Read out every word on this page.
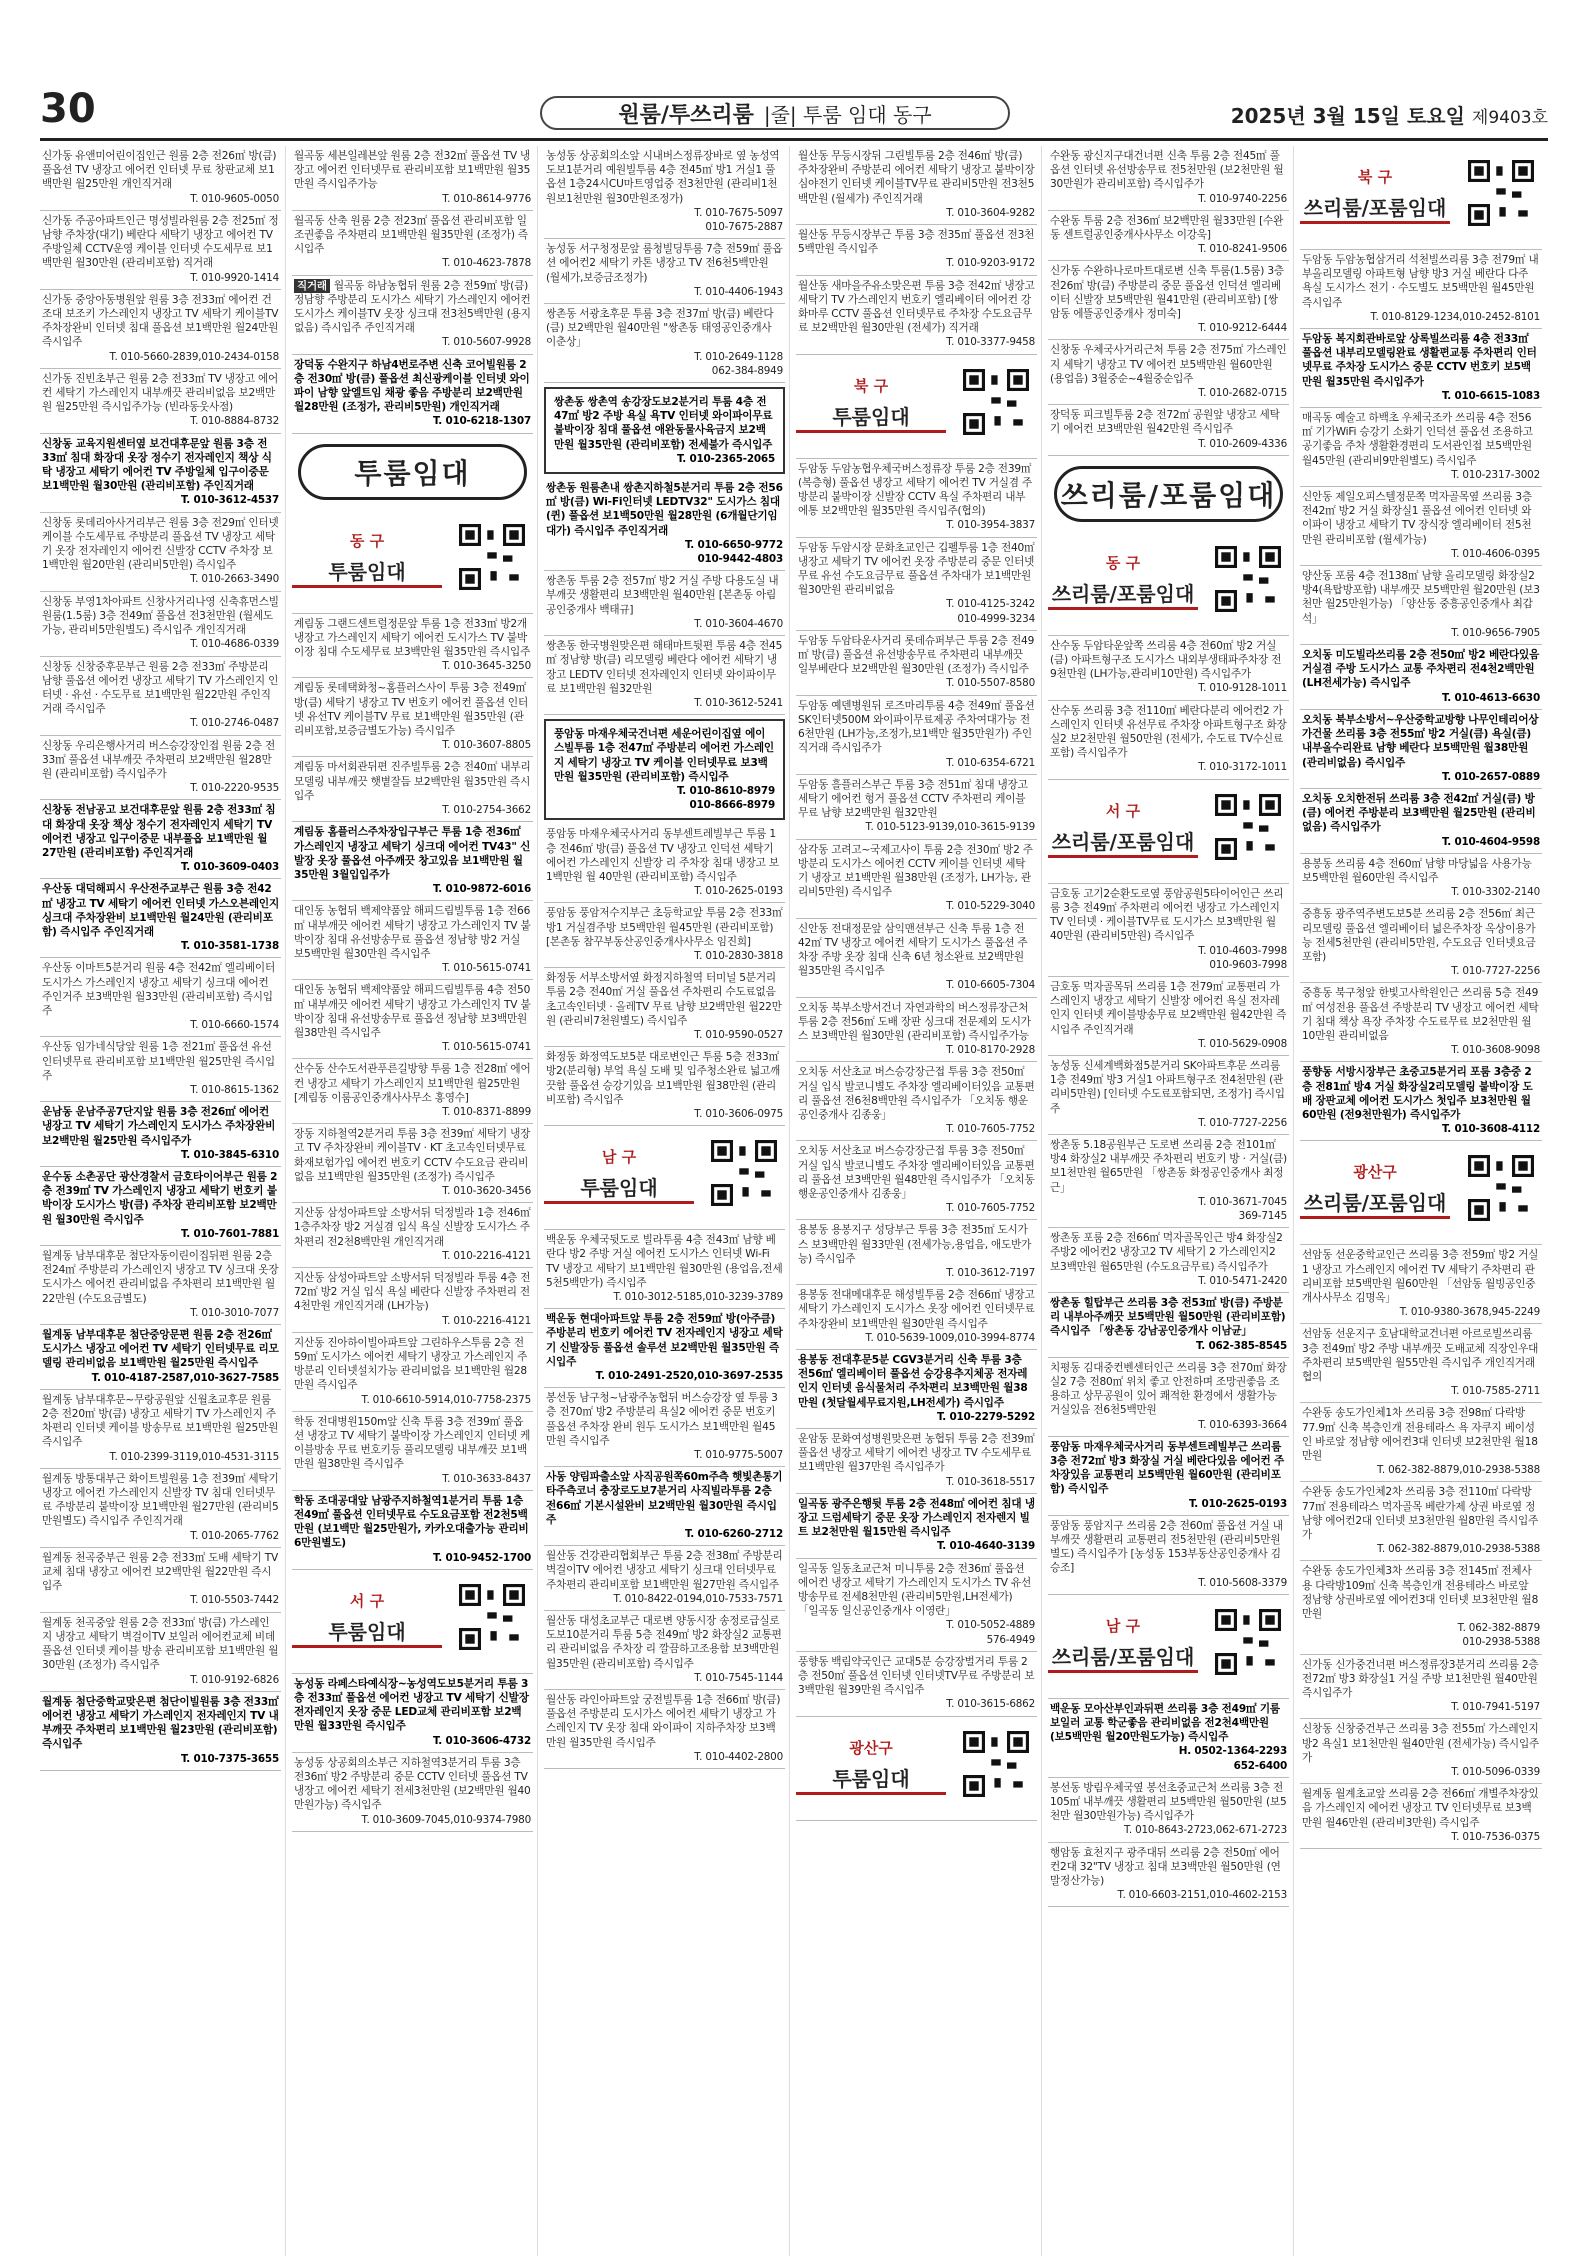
30	원룸/투쓰리룸 |줄| 투룸 임대 동구	2025년 3월 15일 토요일 제9403호
신가동 유앤미어린이집인근 원룸 2층 전26㎡ 방(큼) 풀옵션 TV 냉장고 에어컨 인터넷 무료 창판교체 보1백만원 월25만원 개인직거래
T. 010-9605-0050
신가동 주공아파트인근 명성빌라원룸 2층 전25㎡ 정남향 주차장(대기) 베란다 세탁기 냉장고 에어컨 TV 주방일체 CCTV운영 케이블 인터넷 수도세무료 보1백만원 월30만원 (관리비포함) 직거래
T. 010-9920-1414
신가동 중앙아동병원앞 원룸 3층 전33㎡ 에어컨 건조대 보조키 가스레인지 냉장고 TV 세탁기 케이블TV 주차장완비 인터넷 침대 풀옵션 보1백만원 월24만원 즉시입주
T. 010-5660-2839,010-2434-0158
신가동 진빈초부근 원룸 2층 전33㎡ TV 냉장고 에어컨 세탁기 가스레인지 내부깨끗 관리비없음 보2백만원 월25만원 즉시입주가능 (빈라동웃사점)
T. 010-8884-8732
신창동 교육지원센터옆 보건대후문앞 원룸 3층 전33㎡ 침대 화장대 옷장 정수기 전자레인지 책상 식탁 냉장고 세탁기 에어컨 TV 주방일체 입구이중문 보1백만원 월30만원 (관리비포함) 주인직거래
T. 010-3612-4537
신창동 롯데리아사거리부근 원룸 3층 전29㎡ 인터넷 케이블 수도세무료 주방분리 풀옵션 TV 냉장고 세탁기 옷장 전자레인지 에어컨 신발장 CCTV 주차장 보1백만원 월20만원 (관리비5만원) 즉시입주
T. 010-2663-3490
신창동 부영1차아파트 신창사거리나영 신축휴먼스빌원룸(1.5룸) 3층 전49㎡ 풀옵션 전3천만원 (월세도가능, 관리비5만원별도) 즉시입주 개인직거래
T. 010-4686-0339
신창동 신창중후문부근 원룸 2층 전33㎡ 주방분리 남향 풀옵션 에어컨 냉장고 세탁기 TV 가스레인지 인터넷 · 유선 · 수도무료 보1백만원 월22만원 주인직거래 즉시입주
T. 010-2746-0487
신창동 우리은행사거리 버스승강장인접 원룸 2층 전33㎡ 풀옵션 내부깨끗 주차편리 보2백만원 월28만원 (관리비포함) 즉시입주가
T. 010-2220-9535
신창동 전남공고 보건대후문앞 원룸 2층 전33㎡ 침대 화장대 옷장 책상 정수기 전자레인지 세탁기 TV 에어컨 냉장고 입구이중문 내부풀옵 보1백만원 월27만원 (관리비포함) 주인직거래
T. 010-3609-0403
우산동 대덕해피시 우산전주교부근 원룸 3층 전42㎡ 냉장고 TV 세탁기 에어컨 인터넷 가스오븐레인지 싱크대 주차장완비 보1백만원 월24만원 (관리비포함) 즉시입주 주인직거래
T. 010-3581-1738
우산동 이마트5분거리 원룸 4층 전42㎡ 엘리베이터 도시가스 가스레인지 냉장고 세탁기 싱크대 에어컨 주인거주 보3백만원 월33만원 (관리비포함) 즉시입주
T. 010-6660-1574
우산동 임가네식당앞 원룸 1층 전21㎡ 풀옵션 유선 인터넷무료 관리비포함 보1백만원 월25만원 즉시입주
T. 010-8615-1362
운남동 운남주공7단지앞 원룸 3층 전26㎡ 에어컨 냉장고 TV 세탁기 가스레인지 도시가스 주차장완비 보2백만원 월25만원 즉시입주가
T. 010-3845-6310
운수동 소촌공단 광산경찰서 금호타이어부근 원룸 2층 전39㎡ TV 가스레인지 냉장고 세탁기 번호키 붙박이장 도시가스 방(큼) 주차장 관리비포함 보2백만원 월30만원 즉시입주
T. 010-7601-7881
월계동 남부대후문 첨단자동이린이집뒤편 원룸 2층 전24㎡ 주방분리 가스레인지 냉장고 TV 싱크대 옷장 도시가스 에어컨 관리비없음 주차편리 보1백만원 월22만원 (수도요금별도)
T. 010-3010-7077
월계동 남부대후문 첨단중앙문편 원룸 2층 전26㎡ 도시가스 냉장고 에어컨 TV 세탁기 인터넷무료 리모델링 관리비없음 보1백만원 월25만원 즉시입주
T. 010-4187-2587,010-3627-7585
월계동 남부대후문~무랑공원앞 신월초교후문 원룸 2층 전20㎡ 방(큼) 냉장고 세탁기 TV 가스레인지 주차편리 인터넷 케이블 방송무료 보1백만원 월25만원 즉시입주
T. 010-2399-3119,010-4531-3115
월계동 방통대부근 화이트빌원룸 1층 전39㎡ 세탁기 냉장고 에어컨 가스레인지 신발장 TV 침대 인터넷무료 주방분리 붙박이장 보1백만원 월27만원 (관리비5만원별도) 즉시입주 주인직거래
T. 010-2065-7762
월계동 천곡중부근 원룸 2층 전33㎡ 도배 세탁기 TV교체 침대 냉장고 에어컨 보2백만원 월22만원 즉시입주
T. 010-5503-7442
월계동 천곡중앞 원룸 2층 전33㎡ 방(큼) 가스레인지 냉장고 세탁기 벽걸이TV 보일러 에어컨교체 비데 풀옵션 인터넷 케이블 방송 관리비포함 보1백만원 월30만원 (조정가) 즉시입주
T. 010-9192-6826
월계동 첨단중학교맞은편 첨단이빌원룸 3층 전33㎡ 에어컨 냉장고 세탁기 가스레인지 전자레인지 TV 내부깨끗 주차편리 보1백만원 월23만원 (관리비포함) 즉시입주
T. 010-7375-3655
월곡동 세븐일레븐앞 원룸 2층 전32㎡ 풀옵션 TV 냉장고 에어컨 인터넷무료 관리비포함 보1백만원 월35만원 즉시입주가능
T. 010-8614-9776
월곡동 산축 원룸 2층 전23㎡ 풀옵션 관리비포함 일조권좋음 주차편리 보1백만원 월35만원 (조정가) 즉시입주
T. 010-4623-7878
직거래 월곡동 하남농협뒤 원룸 2층 전59㎡ 방(큼) 정남향 주방분리 도시가스 세탁기 가스레인지 에어컨 도시가스 케이블TV 옷장 싱크대 전3천5백만원 (용지없음) 즉시입주 주인직거래
T. 010-5607-9928
장덕동 수완지구 하남4번로주변 신축 코어빌원룸 2층 전30㎡ 방(큼) 풀옵션 최신광케이블 인터넷 와이파이 남향 앞엘트임 채광 좋음 주방분리 보2백만원 월28만원 (조정가, 관리비5만원) 개인직거래
T. 010-6218-1307
투룸임대
동 구
투룸임대
계림동 그랜드센트럴정문앞 투룸 1층 전33㎡ 방2개 냉장고 가스레인지 세탁기 에어컨 도시가스 TV 붙박이장 침대 수도세무료 보3백만원 월35만원 즉시입주
T. 010-3645-3250
계림동 롯데택화청~홈플러스사이 투룸 3층 전49㎡ 방(큼) 세탁기 냉장고 TV 번호키 에어컨 풀옵션 인터넷 유선TV 케이블TV 무료 보1백만원 월35만원 (관리비포함,보증금별도가능) 즉시입주
T. 010-3607-8805
계림동 마서회관뒤편 진주빌투룸 2층 전40㎡ 내부리모델링 내부깨끗 햇볕잘듬 보2백만원 월35만원 즉시입주
T. 010-2754-3662
계림동 홈플러스주차장입구부근 투룸 1층 전36㎡ 가스레인지 냉장고 세탁기 싱크대 에어컨 TV43" 신발장 옷장 풀옵션 아주깨끗 창고있음 보1백만원 월35만원 3월입입주가
T. 010-9872-6016
대인동 농협뒤 백제약품앞 해피드림빌투룸 1층 전66㎡ 내부깨끗 에어컨 세탁기 냉장고 가스레인지 TV 붙박이장 침대 유선방송무료 풀옵션 정남향 방2 거실 보5백만원 월30만원 즉시입주
T. 010-5615-0741
대인동 농협뒤 백제약품앞 해피드림빌투룸 4층 전50㎡ 내부깨끗 에어컨 세탁기 냉장고 가스레인지 TV 붙박이장 침대 유선방송무료 풀옵션 정남향 보3백만원 월38만원 즉시입주
T. 010-5615-0741
산수동 산수도서관푸른길방향 투룸 1층 전28㎡ 에어컨 냉장고 세탁기 가스레인지 보1백만원 월25만원 [계림동 이룸공인중개사사무소 홍영수]
T. 010-8371-8899
장동 지하철역2분거리 투룸 3층 전39㎡ 세탁기 냉장고 TV 주차장완비 케이블TV · KT 초고속인터넷무료 화재보험가입 에어컨 번호키 CCTV 수도요금 관리비없음 보1백만원 월35만원 (조정가) 즉시입주
T. 010-3620-3456
지산동 삼성아파트앞 소방서뒤 덕정빌라 1층 전46㎡ 1층주차장 방2 거실겸 입식 욕실 신발장 도시가스 주차편리 전2천8백만원 개인직거래
T. 010-2216-4121
지산동 삼성아파트앞 소방서뒤 덕정빌라 투룸 4층 전72㎡ 방2 거실 입식 욕실 베란다 신발장 주차편리 전4천만원 개인직거래 (LH가능)
T. 010-2216-4121
지산동 진아하이빌아파트앞 그린하우스투룸 2층 전59㎡ 도시가스 에어컨 세탁기 냉장고 가스레인지 주방분리 인터넷설치가능 관리비없음 보1백만원 월28만원 즉시입주
T. 010-6610-5914,010-7758-2375
학동 전대병원150m앞 신축 투룸 3층 전39㎡ 풀옵션 냉장고 TV 세탁기 붙박이장 가스레인지 인터넷 케이블방송 무료 번호키등 풀리모델링 내부깨끗 보1백만원 월38만원 즉시입주
T. 010-3633-8437
학동 조대공대앞 남광주지하철역1분거리 투룸 1층 전49㎡ 풀옵션 인터넷무료 수도요금포함 전2천5백만원 (보1백만 월25만원가, 카카오대출가능 관리비6만원별도)
T. 010-9452-1700
서 구
투룸임대
농성동 라페스타예식장~농성역도보5분거리 투룸 3층 전33㎡ 풀옵션 에어컨 냉장고 TV 세탁기 신발장 전자레인지 옷장 중문 LED교체 관리비포함 보2백만원 월33만원 즉시입주
T. 010-3606-4732
농성동 상공회의소부근 지하철역3분거리 투룸 3층 전36㎡ 방2 주방분리 중문 CCTV 인터넷 풀옵션 TV 냉장고 에어컨 세탁기 전세3천만원 (보2백만원 월40만원가능) 즉시입주
T. 010-3609-7045,010-9374-7980
농성동 상공회의소앞 시내버스정류장바로 옆 농성역도보1분거리 예원빌투룸 4층 전45㎡ 방1 거실1 풀옵션 1층24시CU마트영업중 전3천만원 (관리비1천원보1천만원 월30만원조정가)
T. 010-7675-5097
010-7675-2887
농성동 서구청정문앞 룸청빌딩투룸 7층 전59㎡ 풀옵션 에어컨2 세탁기 카톤 냉장고 TV 전6천5백만원 (월세가,보증금조정가)
T. 010-4406-1943
쌍촌동 서광초후문 투룸 3층 전37㎡ 방(큼) 베란다(큼) 보2백만원 월40만원 "쌍촌동 태영공인중개사 이춘상」
T. 010-2649-1128
062-384-8949
쌍촌동 쌍촌역 송강장도보2분거리 투룸 4층 전47㎡ 방2 주방 욕실 욕TV 인터넷 와이파이무료 붙박이장 침대 풀옵션 애완동물사육금지 보2백만원 월35만원 (관리비포함) 전세불가 즉시입주
T. 010-2365-2065
쌍촌동 원룸촌내 쌍촌지하철5분거리 투룸 2층 전56㎡ 방(큼) Wi-Fi인터넷 LEDTV32" 도시가스 침대(퀸) 풀옵션 보1백50만원 월28만원 (6개월단기임대가) 즉시입주 주인직거래
T. 010-6650-9772
010-9442-4803
쌍촌동 투룸 2층 전57㎡ 방2 거실 주방 다용도실 내부깨끗 생활편리 보3백만원 월40만원 [본촌동 아림공인중개사 백태규]
T. 010-3604-4670
쌍촌동 한국병원맞은편 해태마트뒷편 투룸 4층 전45㎡ 정남향 방(큼) 리모델링 베란다 에어컨 세탁기 냉장고 LEDTV 인터넷 전자레인지 인터넷 와이파이무료 보1백만원 월32만원
T. 010-3612-5241
풍암동 마재우체국건너편 세운어린이집옆 에이스빌투룸 1층 전47㎡ 주방분리 에어컨 가스레인지 세탁기 냉장고 TV 케이블 인터넷무료 보3백만원 월35만원 (관리비포함) 즉시입주
T. 010-8610-8979
010-8666-8979
풍암동 마재우체국사거리 동부센트레빌부근 투룸 1층 전46㎡ 방(큼) 풀옵션 TV 냉장고 인덕션 세탁기 에어컨 가스레인지 신발장 리 주차장 침대 냉장고 보1백만원 월 40만원 (관리비포함) 즉시입주
T. 010-2625-0193
풍암동 풍암저수지부근 초등학교앞 투룸 2층 전33㎡ 방1 거실겸주방 보5백만원 월45만원 (관리비포함) [본촌동 참꾸부동산공인중개사사무소 임진희]
T. 010-2830-3818
화정동 서부소방서옆 화정지하철역 터미널 5분거리 투룸 2층 전40㎡ 거실 풀옵션 주차편리 수도료없음 초고속인터넷 · 올레TV 무료 남향 보2백만원 월22만원 (관리비7천원별도) 즉시입주
T. 010-9590-0527
화정동 화정역도보5분 대로변인근 투룸 5층 전33㎡ 방2(분리형) 부엌 욕실 도배 및 입주청소완료 넓고깨끗함 풀옵션 승강기있음 보1백만원 월38만원 (관리비포함) 즉시입주
T. 010-3606-0975
남 구
투룸임대
백운동 우체국뒷도로 빌라투룸 4층 전43㎡ 남향 베란다 방2 주방 거실 에어컨 도시가스 인터넷 Wi-Fi TV 냉장고 세탁기 보1백만원 월30만원 (용업음,전세5천5백만가) 즉시입주
T. 010-3012-5185,010-3239-3789
백운동 현대아파트앞 투룸 2층 전59㎡ 방(아주큼) 주방분리 번호키 에어컨 TV 전자레인지 냉장고 세탁기 신발장등 풀옵션 솔루션 보2백만원 월35만원 즉시입주
T. 010-2491-2520,010-3697-2535
봉선동 남구청~남광주농협뒤 버스승강장 옆 투룸 3층 전70㎡ 방2 주방분리 욕실2 에어컨 중문 번호키 풀옵션 주차장 완비 원두 도시가스 보1백만원 월45만원 즉시입주
T. 010-9775-5007
사동 양림파출소앞 사직공원쪽60m주측 햇빛촌통기타주측코너 충장로도보7분거리 사직빌라투룸 2층 전66㎡ 기본시설완비 보2백만원 월30만원 즉시입주
T. 010-6260-2712
월산동 건강관리협회부근 투룸 2층 전38㎡ 주방분리 벽걸이TV 에어컨 냉장고 세탁기 싱크대 인터넷무료 주차편리 관리비포함 보1백만원 월27만원 즉시입주
T. 010-8422-0194,010-7533-7571
월산동 대성초교부근 대로변 양동시장 송정로급실로도보10분거리 투룸 5층 전49㎡ 방2 화장실2 교통편리 관리비없음 주차장 리 깔끔하고조용함 보3백만원 월35만원 (관리비포함) 즉시입주
T. 010-7545-1144
월산동 라인아파트앞 궁전빌투룸 1층 전66㎡ 방(큼) 풀옵션 주방분리 도시가스 에어컨 세탁기 냉장고 가스레인지 TV 옷장 침대 와이파이 지하주차장 보3백만원 월35만원 즉시입주
T. 010-4402-2800
월산동 무등시장뒤 그린빌투룸 2층 전46㎡ 방(큼) 주차장완비 주방분리 에어컨 세탁기 냉장고 붙박이장 심야전기 인터넷 케이블TV무료 관리비5만원 전3천5백만원 (월세가) 주인직거래
T. 010-3604-9282
월산동 무등시장부근 투룸 3층 전35㎡ 풀옵션 전3천5백만원 즉시입주
T. 010-9203-9172
월산동 새마을주유소맞은편 투룸 3층 전42㎡ 냉장고 세탁기 TV 가스레인지 번호키 엘리베이터 에어컨 강화마루 CCTV 풀옵션 인터넷무료 주차장 수도요금무료 보2백만원 월30만원 (전세가) 직거래
T. 010-3377-9458
북 구
투룸임대
두암동 두암농협우체국버스정류장 투룸 2층 전39㎡ (복층형) 풀옵션 냉장고 세탁기 에어컨 TV 거실겸 주방분리 붙박이장 신발장 CCTV 욕실 주차편리 내부에통 보2백만원 월35만원 즉시입주(협의)
T. 010-3954-3837
두암동 두암시장 문화초교인근 깁펠투룸 1층 전40㎡ 냉장고 세탁기 TV 에어컨 옷장 주방분리 중문 인터넷무료 유선 수도요금무료 풀옵션 주차대가 보1백만원 월30만원 관리비없음
T. 010-4125-3242
010-4999-3234
두암동 두암타운사거리 롯데슈퍼부근 투룸 2층 전49㎡ 방(큼) 풀옵션 유선방송무료 주차편리 내부깨끗 일부베란다 보2백만원 월30만원 (조정가) 즉시입주
T. 010-5507-8580
두암동 예덴병원뒤 로즈마리투룸 4층 전49㎡ 풀옵션 SK인터넷500M 와이파이무료제공 주차여대가능 전6천만원 (LH가능,조정가,보1백만 월35만원가) 주인직거래 즉시입주가
T. 010-6354-6721
두암동 흘플러스부근 투룸 3층 전51㎡ 침대 냉장고 세탁기 에어컨 헝거 풀옵션 CCTV 주차편리 케이블무료 남향 보2백만원 월32만원
T. 010-5123-9139,010-3615-9139
삼각동 고려고~국제고사이 투룸 2층 전30㎡ 방2 주방분리 도시가스 에어컨 CCTV 케이블 인터넷 세탁기 냉장고 보1백만원 월38만원 (조정가, LH가능, 관리비5만원) 즉시입주
T. 010-5229-3040
신안동 전대정문앞 삼익맨션부근 신축 투룸 1층 전42㎡ TV 냉장고 에어컨 세탁기 도시가스 풀옵션 주차장 주방 옷장 침대 신축 6년 청소완료 보2백만원 월35만원 즉시입주
T. 010-6605-7304
오치동 북부소방서건너 자연과학의 버스정류장근처 투룸 2층 전56㎡ 도배 장판 싱크대 전문제외 도시가스 보3백만원 월30만원 (관리비포함) 즉시입주가능
T. 010-8170-2928
오치동 서산초교 버스승강장근접 투룸 3층 전50㎡ 거실 입식 발코니별도 주차장 엘리베이터있음 교통편리 풀옵션 전6천8백만원 즉시입주가 「오치동 행운공인중개사 김종웅」
T. 010-7605-7752
오치동 서산초교 버스승강장근접 투룸 3층 전50㎡ 거실 입식 발코니별도 주차장 엘리베이터있음 교통편리 풀옵션 보3백만원 월48만원 즉시입주가 「오치동 행운공인중개사 김종웅」
T. 010-7605-7752
용봉동 용봉지구 성당부근 투룸 3층 전35㎡ 도시가스 보3백만원 월33만원 (전세가능,용업음, 애도반가능) 즉시입주
T. 010-3612-7197
용봉동 전대메대후문 해성빌투룸 2층 전66㎡ 냉장고 세탁기 가스레인지 도시가스 옷장 에어컨 인터넷무료 주차장완비 보1백만원 월30만원 즉시입주
T. 010-5639-1009,010-3994-8774
용봉동 전대후문5분 CGV3분거리 신축 투룸 3층 전56㎡ 엘리베이터 풀옵션 승강용추지체공 전자레인지 인터넷 음식물처리 주차편리 보3백만원 월38만원 (첫달월세무료지원,LH전세가) 즉시입주
T. 010-2279-5292
운암동 문화여성병원맞은편 농협뒤 투룸 2층 전39㎡ 풀옵션 냉장고 세탁기 에어컨 냉장고 TV 수도세무료 보1백만원 월37만원 즉시입주가
T. 010-3618-5517
일곡동 광주은행뒷 투룸 2층 전48㎡ 에어컨 침대 냉장고 드럼세탁기 중문 옷장 가스레인지 전자렌지 빌트 보2천만원 월15만원 즉시입주
T. 010-4640-3139
일곡동 일동초교근처 미니투룸 2층 전36㎡ 풀옵션 에어컨 냉장고 세탁기 가스레인지 도시가스 TV 유선방송무료 전세8천만원 (관리비5만원,LH전세가) 「일곡동 일신공인중개사 이영란」
T. 010-5052-4889
576-4949
풍향동 백림약국인근 교대5분 승강장벌거리 투룸 2층 전50㎡ 풀옵션 인터넷 인터넷TV무료 주방분리 보3백만원 월39만원 즉시입주
T. 010-3615-6862
광산구
투룸임대
수완동 광신지구대건너편 신축 투룸 2층 전45㎡ 풀옵션 인터넷 유선방송무료 전5천만원 (보2천만원 월30만원가 관리비포함) 즉시입주가
T. 010-9740-2256
수완동 투룸 2층 전36㎡ 보2백만원 월33만원 [수완동 센트럴공인중개사사무소 이강욱]
T. 010-8241-9506
신가동 수완하나로마트대로변 신축 투룸(1.5룸) 3층 전26㎡ 방(큼) 주방분리 중문 풀옵션 인덕션 엘리베이터 신발장 보5백만원 월41만원 (관리비포함) [쌍암동 에뜰공인중개사 정미숙]
T. 010-9212-6444
신창동 우체국사거리근처 투룸 2층 전75㎡ 가스레인지 세탁기 냉장고 TV 에어컨 보5백만원 월60만원 (용업음) 3월중순~4월중순입주
T. 010-2682-0715
장덕동 피크빌투룸 2층 전72㎡ 공원앞 냉장고 세탁기 에어컨 보3백만원 월42만원 즉시입주
T. 010-2609-4336
쓰리룸/포룸임대
동 구
쓰리룸/포룸임대
산수동 두암타운앞쪽 쓰리룸 4층 전60㎡ 방2 거실(큼) 아파트형구조 도시가스 내외부생태파주차장 전9천만원 (LH가능,관리비10만원) 즉시입주가
T. 010-9128-1011
산수동 쓰리룸 3층 전110㎡ 베란다분리 에어컨2 가스레인지 인터넷 유선무료 주차장 아파트형구조 화장실2 보2천만원 월50만원 (전세가, 수도료 TV수신료포함) 즉시입주가
T. 010-3172-1011
서 구
쓰리룸/포룸임대
금호동 고기2순환도로옆 풍암공원5타이어인근 쓰리룸 3층 전49㎡ 주차편리 에어컨 냉장고 가스레인지 TV 인터넷 · 케이블TV무료 도시가스 보3백만원 월40만원 (관리비5만원) 즉시입주
T. 010-4603-7998
010-9603-7998
금호동 먹자골목뒤 쓰리룸 1층 전79㎡ 교통편리 가스레인지 냉장고 세탁기 신발장 에어컨 욕실 전자레인지 인터넷 케이블방송무료 보2백만원 월42만원 즉시입주 주인직거래
T. 010-5629-0908
농성동 신세계백화점5분거리 SK아파트후문 쓰리룸 1층 전49㎡ 방3 거실1 아파트형구조 전4천만원 (관리비5만원) [인터넷 수도료포함되면, 조정가] 즉시입주
T. 010-7727-2256
쌍촌동 5.18공원부근 도로변 쓰리룸 2층 전101㎡ 방4 화장실2 내부깨끗 주차편리 번호키 방 · 거실(큼) 보1천만원 월65만원 「쌍촌동 화정공인중개사 최정근」
T. 010-3671-7045
369-7145
쌍촌동 포룸 2층 전66㎡ 먹자골목인근 방4 화장실2 주방2 에어컨2 냉장고2 TV 세탁기 2 가스레인지2 보3백만원 월65만원 (수도요금무료) 즉시입주가
T. 010-5471-2420
쌍촌동 힐탑부근 쓰리룸 3층 전53㎡ 방(큼) 주방분리 내부아주깨끗 보5백만원 월50만원 (관리비포함) 즉시입주 「쌍촌동 강남공인중개사 이남균」
T. 062-385-8545
치평동 김대중컨벤센터인근 쓰리룸 3층 전70㎡ 화장실2 7층 전80㎡ 위치 좋고 안전하며 조망권좋음 조용하고 상무공원이 있어 쾌적한 환경에서 생활가능 거실있음 전6천5백만원
T. 010-6393-3664
풍암동 마재우체국사거리 동부센트레빌부근 쓰리룸 3층 전72㎡ 방3 화장실 거실 베란다있음 에어컨 주차장있음 교통편리 보5백만원 월60만원 (관리비포함) 즉시입주
T. 010-2625-0193
풍암동 풍암지구 쓰리룸 2층 전60㎡ 풀옵션 거실 내부깨끗 생활편리 교통편리 전5천만원 (관리비5만원별도) 즉시입주가 [농성동 153부동산공인중개사 김승조]
T. 010-5608-3379
남 구
쓰리룸/포룸임대
백운동 모아산부인과뒤편 쓰리룸 3층 전49㎡ 기룸보일러 교통 학군좋음 관리비없음 전2천4백만원 (보5백만원 월20만원도가능) 즉시입주
H. 0502-1364-2293
652-6400
봉선동 방림우체국옆 봉선초중교근처 쓰리룸 3층 전105㎡ 내부깨끗 생활편리 보5백만원 월50만원 (보5천만 월30만원가능) 즉시입주가
T. 010-8643-2723,062-671-2723
행암동 효천지구 광주대뒤 쓰리룸 2층 전50㎡ 에어컨2대 32"TV 냉장고 침대 보3백만원 월50만원 (연말정산가능)
T. 010-6603-2151,010-4602-2153
북 구
쓰리룸/포룸임대
두암동 두암농협삼거리 석천빌쓰리룸 3층 전79㎡ 내부올리모델링 아파트형 남향 방3 거실 베란다 다주 욕실 도시가스 전기 · 수도별도 보5백만원 월45만원 즉시입주
T. 010-8129-1234,010-2452-8101
두암동 복지회관바로앞 상록빌쓰리룸 4층 전33㎡ 풀옵션 내부리모델링완료 생활편교통 주차편리 인터넷무료 주차장 도시가스 중문 CCTV 번호키 보5백만원 월35만원 즉시입주가
T. 010-6615-1083
매곡동 예술고 하백초 우체국조카 쓰리룸 4층 전56㎡ 기가WiFi 승강기 소화기 인덕션 풀옵션 조용하고 공기좋음 주차 생활환경편리 도서관인접 보5백만원 월45만원 (관리비9만원별도) 즉시입주
T. 010-2317-3002
신안동 제일오피스텔정문쪽 먹자골목옆 쓰리룸 3층 전42㎡ 방2 거실 화장실1 풀옵션 에어컨 인터넷 와이파이 냉장고 세탁기 TV 장식장 엘리베이터 전5천만원 관리비포함 (월세가능)
T. 010-4606-0395
양산동 포룸 4층 전138㎡ 남향 올리모델링 화장실2 방4(욕탑방포함) 내부깨끗 보5백만원 월20만원 (보3천만 월25만원가능) 「양산동 중흥공인중개사 최갑석」
T. 010-9656-7905
오치동 미도빌라쓰리룸 2층 전50㎡ 방2 베란다있음 거실겸 주방 도시가스 교통 주차편리 전4천2백만원 (LH전세가능) 즉시입주
T. 010-4613-6630
오치동 북부소방서~우산중학교방향 나무인테리어상가건물 쓰리룸 3층 전55㎡ 방2 거실(큼) 욕실(큼) 내부올수리완료 남향 베란다 보5백만원 월38만원 (관리비없음) 즉시입주
T. 010-2657-0889
오치동 오치한전뒤 쓰리룸 3층 전42㎡ 거실(큼) 방(큼) 에어컨 주방분리 보3백만원 월25만원 (관리비없음) 즉시입주가
T. 010-4604-9598
용봉동 쓰리룸 4층 전60㎡ 남향 마당넓음 사용가능 보5백만원 월60만원 즉시입주
T. 010-3302-2140
중흥동 광주역주변도보5분 쓰리룸 2층 전56㎡ 최근리모델링 풀옵션 엘리베이터 넓은주차장 옥상이용가능 전세5천만원 (관리비5만원, 수도요금 인터넷요금포함)
T. 010-7727-2256
중흥동 북구청앞 한빛고사학원인근 쓰리룸 5층 전49㎡ 여성전용 풀옵션 주방분리 TV 냉장고 에어컨 세탁기 침대 책상 욕장 주차장 수도료무료 보2천만원 월10만원 관리비없음
T. 010-3608-9098
풍향동 서방시장부근 초중고5분거리 포룸 3층중 2층 전81㎡ 방4 거실 화장실2리모델링 붙박이장 도배 장판교체 에어컨 도시가스 첫입주 보3천만원 월60만원 (전9천만원가) 즉시입주가
T. 010-3608-4112
광산구
쓰리룸/포룸임대
선암동 선운중학교인근 쓰리룸 3층 전59㎡ 방2 거실1 냉장고 가스레인지 에어컨 TV 세탁기 주차편리 관리비포함 보5백만원 월60만원 「선암동 월빙공인중개사사무소 김명옥」
T. 010-9380-3678,945-2249
선암동 선운지구 호남대학교건너편 아르로빌쓰리룸 3층 전49㎡ 방2 주방 내부깨끗 도배교체 직장인우대 주차편리 보5백만원 월55만원 즉시입주 개인직거래협의
T. 010-7585-2711
수완동 송도가인체1차 쓰리룸 3층 전98㎡ 다락방77.9㎡ 신축 복층인개 전용테라스 욕 자쿠지 베이성인 바로앞 정남향 에어컨3대 인터넷 보2천만원 월18만원
T. 062-382-8879,010-2938-5388
수완동 송도가인체2차 쓰리룸 3층 전110㎡ 다락방77㎡ 전용테라스 먹자골목 베란가제 상권 바로옆 정남향 에어컨2대 인터넷 보3천만원 월8만원 즉시입주가
T. 062-382-8879,010-2938-5388
수완동 송도가인체3차 쓰리룸 3층 전145㎡ 전체사용 다락방109㎡ 신축 복층인개 전용테라스 바로앞 정남향 상권바로옆 에어컨3대 인터넷 보3천만원 월8만원
T. 062-382-8879
010-2938-5388
신가동 신가중건너편 버스정류장3분거리 쓰리룸 2층 전72㎡ 방3 화장실1 거실 주방 보1천만원 월40만원 즉시입주가
T. 010-7941-5197
신창동 신창중건부근 쓰리룸 3층 전55㎡ 가스레인지 방2 욕실1 보1천만원 월40만원 (전세가능) 즉시입주가
T. 010-5096-0339
월계동 월계초교앞 쓰리룸 2층 전66㎡ 개별주차장있음 가스레인지 에어컨 냉장고 TV 인터넷무료 보3백만원 월46만원 (관리비3만원) 즉시입주
T. 010-7536-0375
